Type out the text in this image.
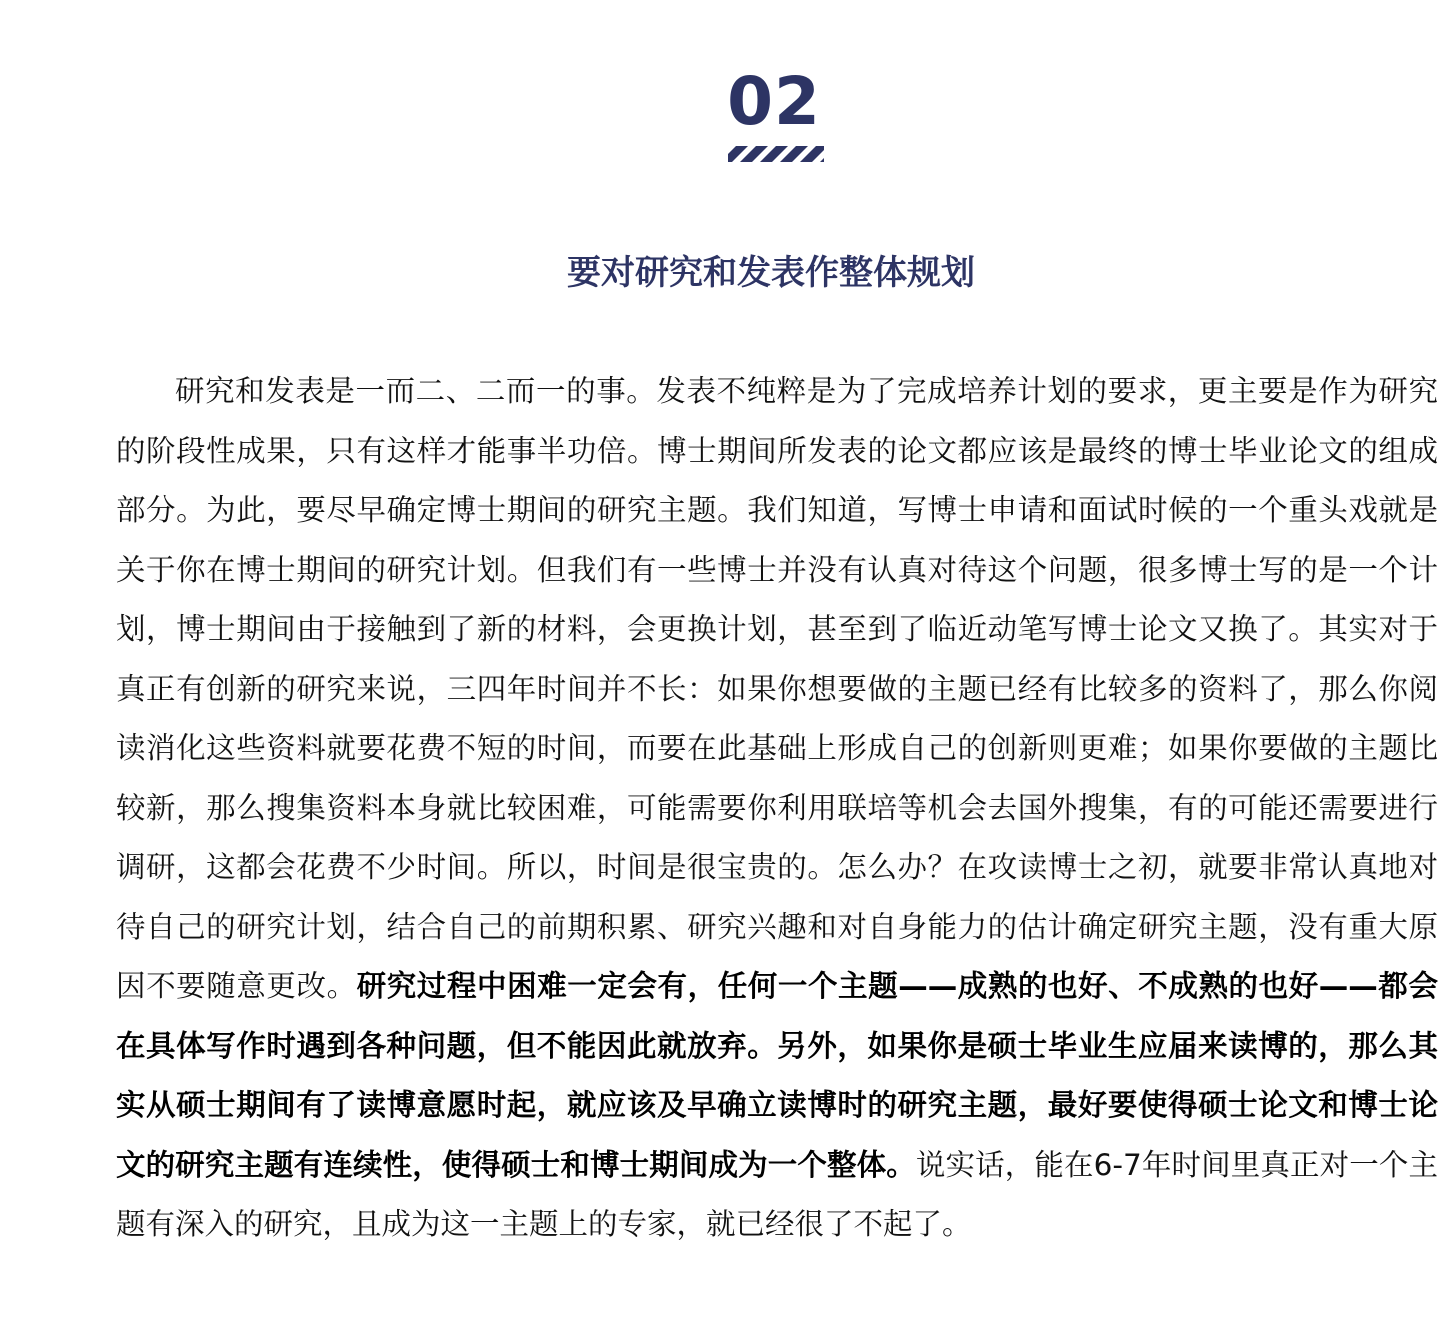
02
要对研究和发表作整体规划

研究和发表是一而二、二而一的事。发表不纯粹是为了完成培养计划的要求，更主要是作为研究的阶段性成果，只有这样才能事半功倍。博士期间所发表的论文都应该是最终的博士毕业论文的组成部分。为此，要尽早确定博士期间的研究主题。我们知道，写博士申请和面试时候的一个重头戏就是关于你在博士期间的研究计划。但我们有一些博士并没有认真对待这个问题，很多博士写的是一个计划，博士期间由于接触到了新的材料，会更换计划，甚至到了临近动笔写博士论文又换了。其实对于真正有创新的研究来说，三四年时间并不长：如果你想要做的主题已经有比较多的资料了，那么你阅读消化这些资料就要花费不短的时间，而要在此基础上形成自己的创新则更难；如果你要做的主题比较新，那么搜集资料本身就比较困难，可能需要你利用联培等机会去国外搜集，有的可能还需要进行调研，这都会花费不少时间。所以，时间是很宝贵的。怎么办？在攻读博士之初，就要非常认真地对待自己的研究计划，结合自己的前期积累、研究兴趣和对自身能力的估计确定研究主题，没有重大原因不要随意更改。研究过程中困难一定会有，任何一个主题——成熟的也好、不成熟的也好——都会在具体写作时遇到各种问题，但不能因此就放弃。另外，如果你是硕士毕业生应届来读博的，那么其实从硕士期间有了读博意愿时起，就应该及早确立读博时的研究主题，最好要使得硕士论文和博士论文的研究主题有连续性，使得硕士和博士期间成为一个整体。说实话，能在6-7年时间里真正对一个主题有深入的研究，且成为这一主题上的专家，就已经很了不起了。
